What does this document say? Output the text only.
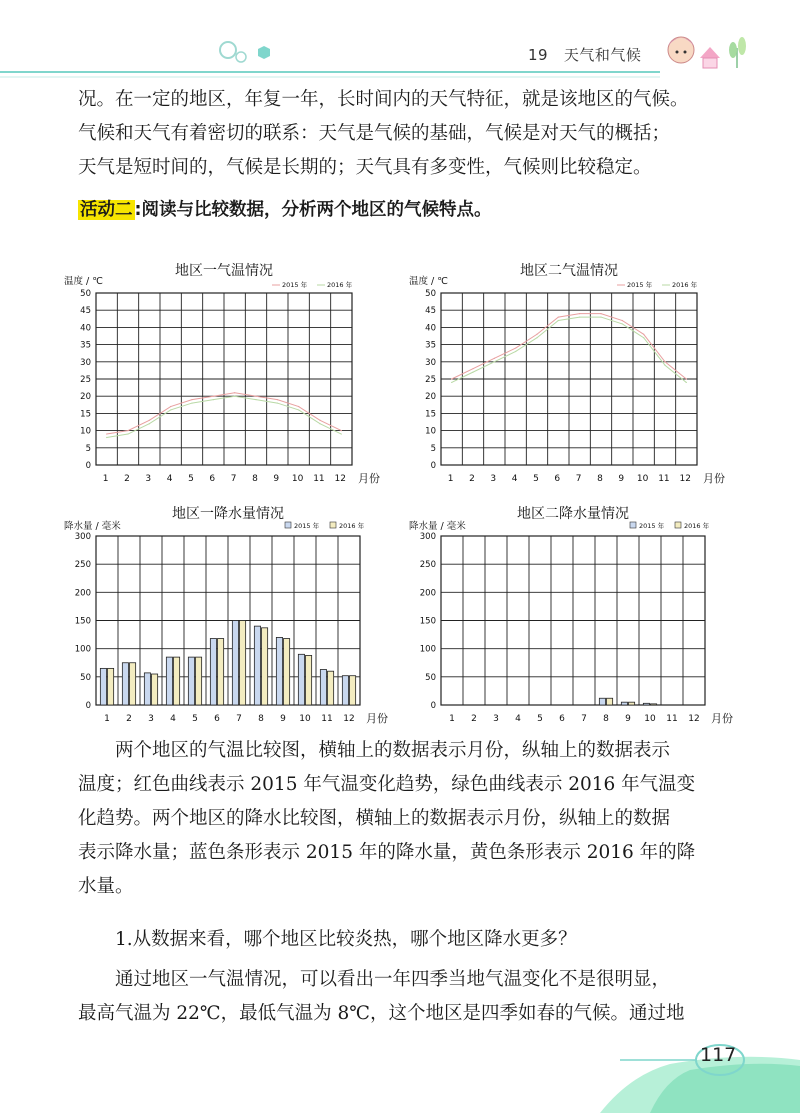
19 天气和气候

况。在一定的地区，年复一年，长时间内的天气特征，就是该地区的气候。

气候和天气有着密切的联系：天气是气候的基础，气候是对天气的概括；

天气是短时间的，气候是长期的；天气具有多变性，气候则比较稳定。

活动二 :阅读与比较数据，分析两个地区的气候特点。
地区一气温情况
温度 / ℃	2015 年	2016 年
0
5
10
15
20
25
30
35
40
45
50
1 2 3 4 5 6 7 8 9 10 11 12 月份
地区二气温情况
温度 / ℃	2015 年	2016 年
0
5
10
15
20
25
30
35
40
45
50
1 2 3 4 5 6 7 8 9 10 11 12 月份
地区一降水量情况
降水量 / 毫米	2015 年	2016 年
0
50
100
150
200
250
300
1 2 3 4 5 6 7 8 9 10 11 12 月份
地区二降水量情况
降水量 / 毫米	2015 年	2016 年
0
50
100
150
200
250
300
1 2 3 4 5 6 7 8 9 10 11 12 月份

两个地区的气温比较图，横轴上的数据表示月份，纵轴上的数据表示

温度；红色曲线表示 2015 年气温变化趋势，绿色曲线表示 2016 年气温变

化趋势。两个地区的降水比较图，横轴上的数据表示月份，纵轴上的数据

表示降水量；蓝色条形表示 2015 年的降水量，黄色条形表示 2016 年的降

水量。

1.从数据来看，哪个地区比较炎热，哪个地区降水更多？

通过地区一气温情况，可以看出一年四季当地气温变化不是很明显，

最高气温为 22℃，最低气温为 8℃，这个地区是四季如春的气候。通过地

117
